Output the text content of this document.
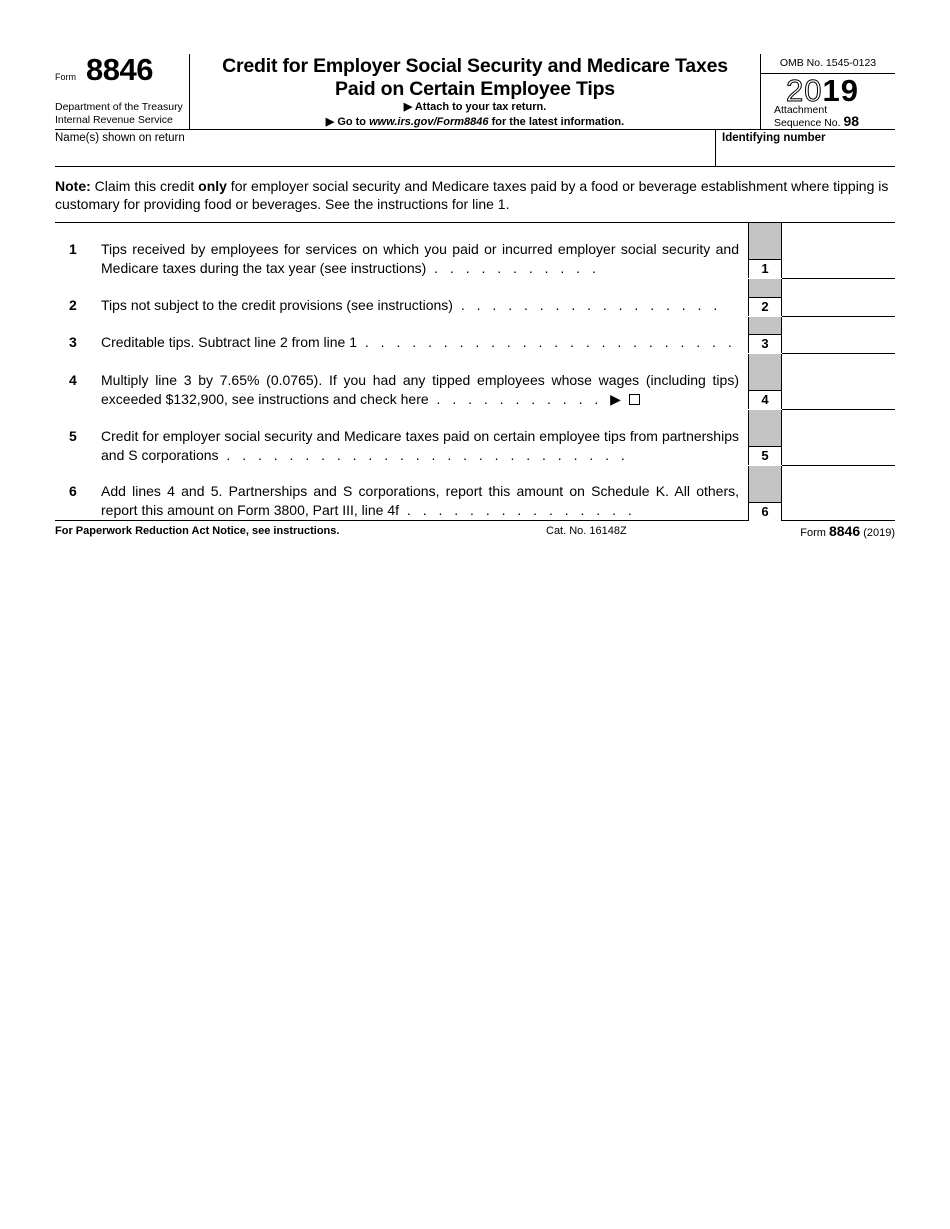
Form 8846
Department of the Treasury
Internal Revenue Service
Credit for Employer Social Security and Medicare Taxes
Paid on Certain Employee Tips
▶ Attach to your tax return.
▶ Go to www.irs.gov/Form8846 for the latest information.
OMB No. 1545-0123
2019
Attachment
Sequence No. 98
Name(s) shown on return	Identifying number
Note: Claim this credit only for employer social security and Medicare taxes paid by a food or beverage establishment where tipping is customary for providing food or beverages. See the instructions for line 1.
1 Tips received by employees for services on which you paid or incurred employer social security and Medicare taxes during the tax year (see instructions) . . . . . . . . . . .	1
2 Tips not subject to the credit provisions (see instructions) . . . . . . . . . . . . . . . . .	2
3 Creditable tips. Subtract line 2 from line 1 . . . . . . . . . . . . . . . . . . . . . . . .	3
4 Multiply line 3 by 7.65% (0.0765). If you had any tipped employees whose wages (including tips) exceeded $132,900, see instructions and check here . . . . . . . . . . . ▶	4
5 Credit for employer social security and Medicare taxes paid on certain employee tips from partnerships and S corporations . . . . . . . . . . . . . . . . . . . . . . . . . .	5
6 Add lines 4 and 5. Partnerships and S corporations, report this amount on Schedule K. All others, report this amount on Form 3800, Part III, line 4f . . . . . . . . . . . . . . .	6
For Paperwork Reduction Act Notice, see instructions.	Cat. No. 16148Z	Form 8846 (2019)
